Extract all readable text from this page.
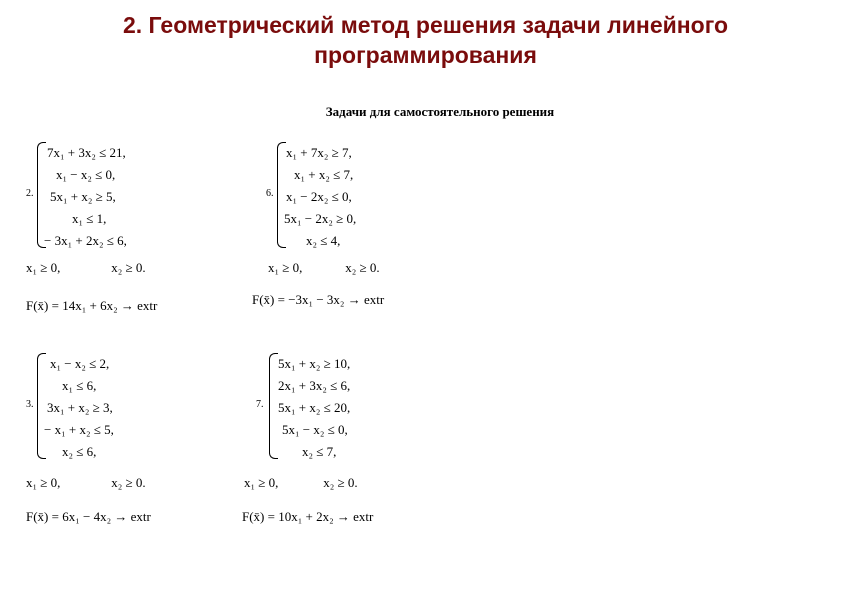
2. Геометрический метод решения задачи линейного
программирования
Задачи для самостоятельного решения
2.
7x₁ + 3x₂ ≤ 21,
x₁ − x₂ ≤ 0,
5x₁ + x₂ ≥ 5,
x₁ ≤ 1,
− 3x₁ + 2x₂ ≤ 6,
x₁ ≥ 0,	x₂ ≥ 0.
F(x̄) = 14x₁ + 6x₂ → extr
6.
x₁ + 7x₂ ≥ 7,
x₁ + x₂ ≤ 7,
x₁ − 2x₂ ≤ 0,
5x₁ − 2x₂ ≥ 0,
x₂ ≤ 4,
x₁ ≥ 0,	x₂ ≥ 0.
F(x̄) = −3x₁ − 3x₂ → extr
3.
x₁ − x₂ ≤ 2,
x₁ ≤ 6,
3x₁ + x₂ ≥ 3,
− x₁ + x₂ ≤ 5,
x₂ ≤ 6,
x₁ ≥ 0,	x₂ ≥ 0.
F(x̄) = 6x₁ − 4x₂ → extr
7.
5x₁ + x₂ ≥ 10,
2x₁ + 3x₂ ≤ 6,
5x₁ + x₂ ≤ 20,
5x₁ − x₂ ≤ 0,
x₂ ≤ 7,
x₁ ≥ 0,	x₂ ≥ 0.
F(x̄) = 10x₁ + 2x₂ → extr
